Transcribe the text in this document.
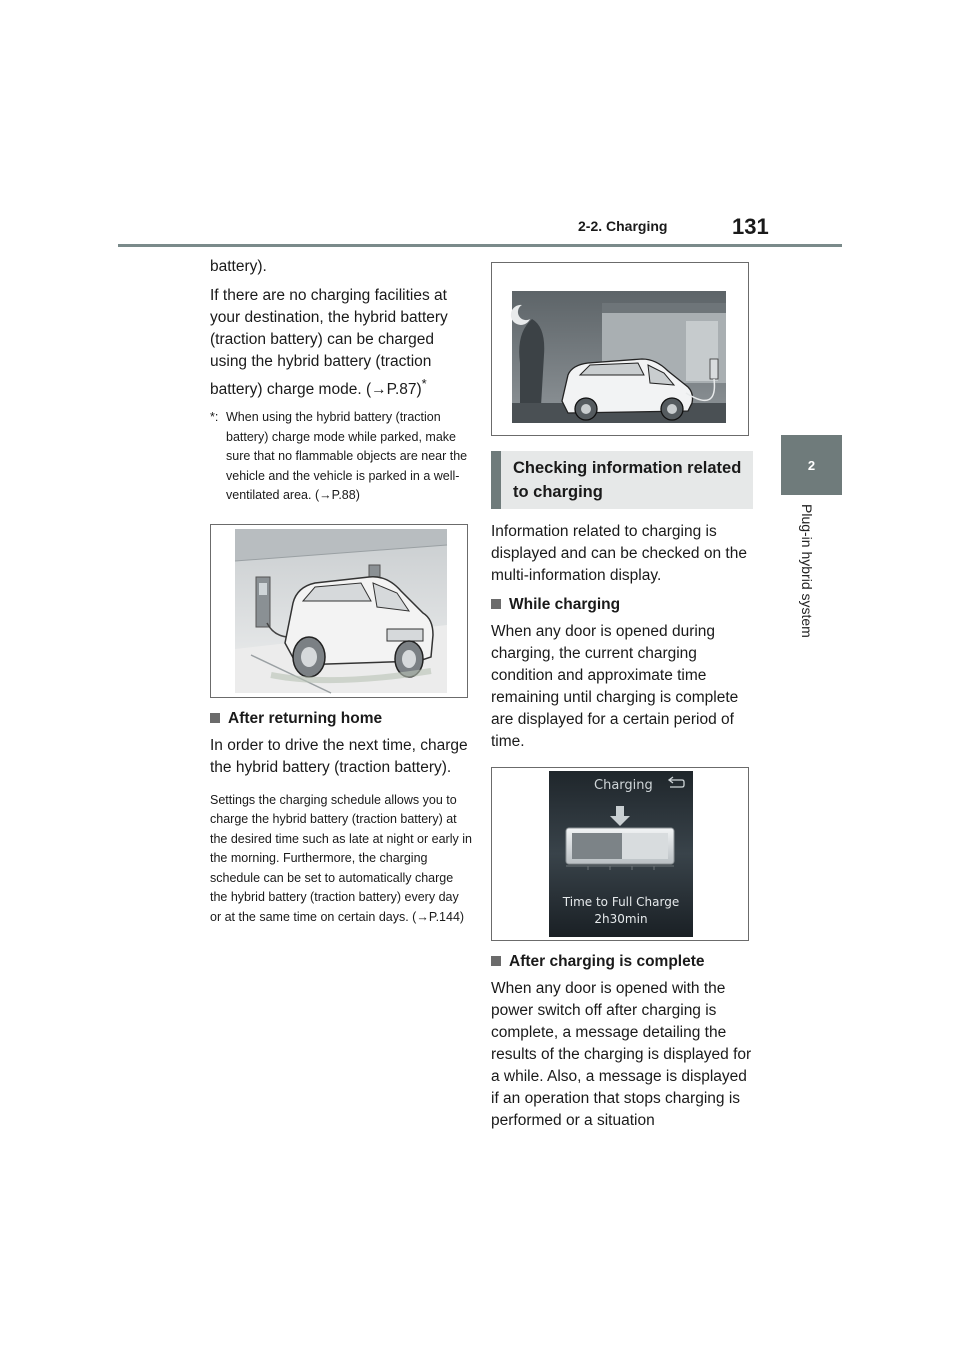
2-2. Charging	131
2
Plug-in hybrid system

battery).

If there are no charging facilities at your destination, the hybrid battery (traction battery) can be charged using the hybrid battery (traction battery) charge mode. (→P.87)*

*: When using the hybrid battery (traction battery) charge mode while parked, make sure that no flammable objects are near the vehicle and the vehicle is parked in a well-ventilated area. (→P.88)
After returning home

In order to drive the next time, charge the hybrid battery (traction battery).

Settings the charging schedule allows you to charge the hybrid battery (traction battery) at the desired time such as late at night or early in the morning. Furthermore, the charging schedule can be set to automatically charge the hybrid battery (traction battery) every day or at the same time on certain days. (→P.144)

Checking information related to charging

Information related to charging is displayed and can be checked on the multi-information display.

While charging

When any door is opened during charging, the current charging condition and approximate time remaining until charging is complete are displayed for a certain period of time.

Charging
Time to Full Charge
2h30min
After charging is complete

When any door is opened with the power switch off after charging is complete, a message detailing the results of the charging is displayed for a while. Also, a message is displayed if an operation that stops charging is performed or a situation
